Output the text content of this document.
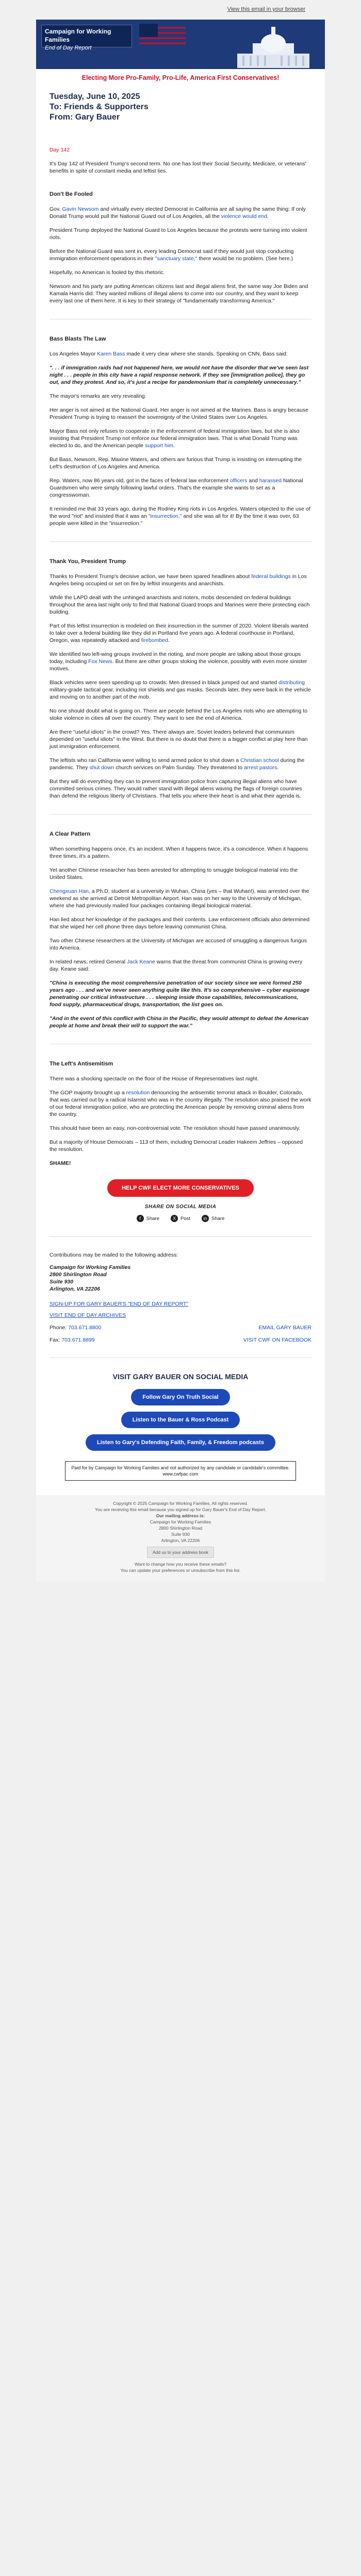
View this email in your browser
Campaign for Working Families
End of Day Report
Electing More Pro-Family, Pro-Life, America First Conservatives!
Tuesday, June 10, 2025
To: Friends & Supporters
From: Gary Bauer

Day 142

It's Day 142 of President Trump's second term. No one has lost their Social Security, Medicare, or veterans' benefits in spite of constant media and leftist lies.

Don't Be Fooled

Gov. Gavin Newsom and virtually every elected Democrat in California are all saying the same thing: If only Donald Trump would pull the National Guard out of Los Angeles, all the violence would end.

President Trump deployed the National Guard to Los Angeles because the protests were turning into violent riots.

Before the National Guard was sent in, every leading Democrat said if they would just stop conducting immigration enforcement operations in their "sanctuary state," there would be no problem. (See here.)

Hopefully, no American is fooled by this rhetoric.

Newsom and his party are putting American citizens last and illegal aliens first, the same way Joe Biden and Kamala Harris did. They wanted millions of illegal aliens to come into our country, and they want to keep every last one of them here. It is key to their strategy of "fundamentally transforming America."

Bass Blasts The Law

Los Angeles Mayor Karen Bass made it very clear where she stands. Speaking on CNN, Bass said:

". . . if immigration raids had not happened here, we would not have the disorder that we've seen last night . . . people in this city have a rapid response network. If they see [immigration police], they go out, and they protest. And so, it's just a recipe for pandemonium that is completely unnecessary."

The mayor's remarks are very revealing.

Her anger is not aimed at the National Guard. Her anger is not aimed at the Marines. Bass is angry because President Trump is trying to reassert the sovereignty of the United States over Los Angeles.

Mayor Bass not only refuses to cooperate in the enforcement of federal immigration laws, but she is also insisting that President Trump not enforce our federal immigration laws. That is what Donald Trump was elected to do, and the American people support him.

But Bass, Newsom, Rep. Maxine Waters, and others are furious that Trump is insisting on interrupting the Left's destruction of Los Angeles and America.

Rep. Waters, now 86 years old, got in the faces of federal law enforcement officers and harassed National Guardsmen who were simply following lawful orders. That's the example she wants to set as a congresswoman.

It reminded me that 33 years ago, during the Rodney King riots in Los Angeles, Waters objected to the use of the word "riot" and insisted that it was an "insurrection," and she was all for it! By the time it was over, 63 people were killed in the "insurrection."

Thank You, President Trump

Thanks to President Trump's decisive action, we have been spared headlines about federal buildings in Los Angeles being occupied or set on fire by leftist insurgents and anarchists.

While the LAPD dealt with the unhinged anarchists and rioters, mobs descended on federal buildings throughout the area last night only to find that National Guard troops and Marines were there protecting each building.

Part of this leftist insurrection is modeled on their insurrection in the summer of 2020. Violent liberals wanted to take over a federal building like they did in Portland five years ago. A federal courthouse in Portland, Oregon, was repeatedly attacked and firebombed.

We identified two left-wing groups involved in the rioting, and more people are talking about those groups today, including Fox News. But there are other groups stoking the violence, possibly with even more sinister motives.

Black vehicles were seen speeding up to crowds. Men dressed in black jumped out and started distributing military-grade tactical gear, including riot shields and gas masks. Seconds later, they were back in the vehicle and moving on to another part of the mob.

No one should doubt what is going on. There are people behind the Los Angeles riots who are attempting to stoke violence in cities all over the country. They want to see the end of America.

Are there "useful idiots" in the crowd? Yes. There always are. Soviet leaders believed that communism depended on "useful idiots" in the West. But there is no doubt that there is a bigger conflict at play here than just immigration enforcement.

The leftists who ran California were willing to send armed police to shut down a Christian school during the pandemic. They shut down church services on Palm Sunday. They threatened to arrest pastors.

But they will do everything they can to prevent immigration police from capturing illegal aliens who have committed serious crimes. They would rather stand with illegal aliens waving the flags of foreign countries than defend the religious liberty of Christians. That tells you where their heart is and what their agenda is.

A Clear Pattern

When something happens once, it's an incident. When it happens twice, it's a coincidence. When it happens three times, it's a pattern.

Yet another Chinese researcher has been arrested for attempting to smuggle biological material into the United States.

Chengxuan Han, a Ph.D. student at a university in Wuhan, China (yes – that Wuhan!), was arrested over the weekend as she arrived at Detroit Metropolitan Airport. Han was on her way to the University of Michigan, where she had previously mailed four packages containing illegal biological material.

Han lied about her knowledge of the packages and their contents. Law enforcement officials also determined that she wiped her cell phone three days before leaving communist China.

Two other Chinese researchers at the University of Michigan are accused of smuggling a dangerous fungus into America.

In related news, retired General Jack Keane warns that the threat from communist China is growing every day. Keane said:

"China is executing the most comprehensive penetration of our society since we were formed 250 years ago . . . and we've never seen anything quite like this. It's so comprehensive – cyber espionage penetrating our critical infrastructure . . . sleeping inside those capabilities, telecommunications, food supply, pharmaceutical drugs, transportation, the list goes on.

"And in the event of this conflict with China in the Pacific, they would attempt to defeat the American people at home and break their will to support the war."

The Left's Antisemitism

There was a shocking spectacle on the floor of the House of Representatives last night.

The GOP majority brought up a resolution denouncing the antisemitic terrorist attack in Boulder, Colorado, that was carried out by a radical Islamist who was in the country illegally. The resolution also praised the work of our federal immigration police, who are protecting the American people by removing criminal aliens from the country.

This should have been an easy, non-controversial vote. The resolution should have passed unanimously.

But a majority of House Democrats – 113 of them, including Democrat Leader Hakeem Jeffries – opposed the resolution.

SHAME!

HELP CWF ELECT MORE CONSERVATIVES
SHARE ON SOCIAL MEDIA
f	Share	X Post	in Share
Contributions may be mailed to the following address:
Campaign for Working Families
2800 Shirlington Road
Suite 930
Arlington, VA 22206
SIGN-UP FOR GARY BAUER'S "END OF DAY REPORT"
VISIT END OF DAY ARCHIVES
Phone: 703.671.8800	EMAIL GARY BAUER
Fax: 703.671.8899	VISIT CWF ON FACEBOOK
VISIT GARY BAUER ON SOCIAL MEDIA
Follow Gary On Truth Social
Listen to the Bauer & Ross Podcast
Listen to Gary's Defending Faith, Family, & Freedom podcasts
Paid for by Campaign for Working Families and not authorized by any candidate or candidate's committee. www.cwfpac.com
Copyright © 2025 Campaign for Working Families, All rights reserved.
You are receiving this email because you signed up for Gary Bauer's End of Day Report.
Our mailing address is:
Campaign for Working Families
2800 Shirlington Road
Suite 930
Arlington, VA 22206
Add us to your address book
Want to change how you receive these emails?
You can update your preferences or unsubscribe from this list.
